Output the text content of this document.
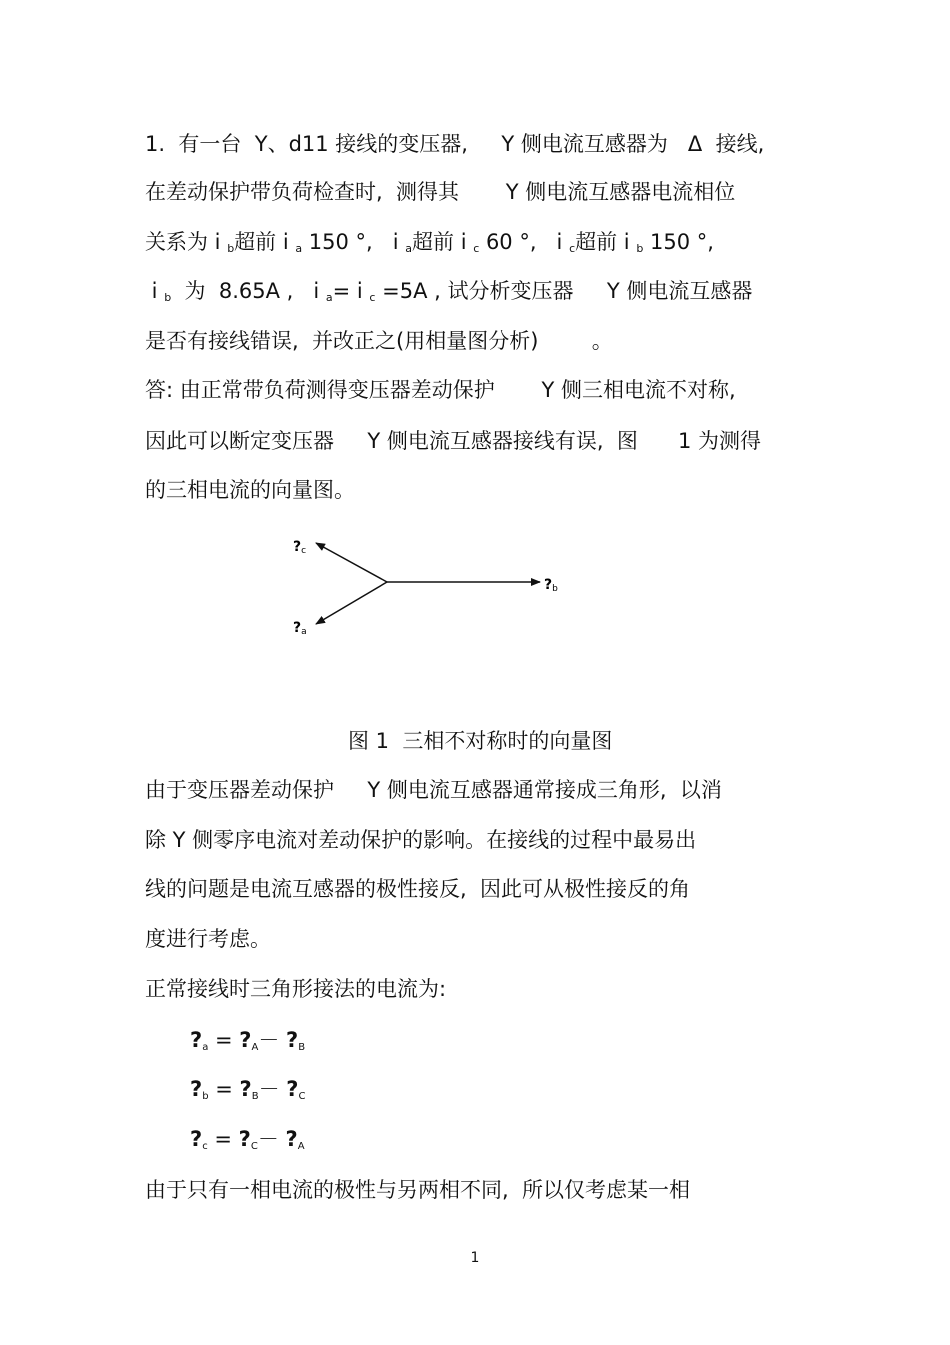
1.  有一台  Y、d11 接线的变压器,     Y 侧电流互感器为   Δ  接线,
在差动保护带负荷检查时,  测得其       Y 侧电流互感器电流相位
关系为 i $_b$超前 i $_a$ 150 °,   i $_a$超前 i $_c$ 60 °,   i $_c$超前 i $_b$ 150 °,
i $_b$  为  8.65A ,   i $_a$= i $_c$ =5A , 试分析变压器     Y 侧电流互感器
是否有接线错误,  并改正之(用相量图分析)        。
答: 由正常带负荷测得变压器差动保护       Y 侧三相电流不对称,
因此可以断定变压器     Y 侧电流互感器接线有误,  图      1 为测得
的三相电流的向量图。
?c
?b
?a
图 1  三相不对称时的向量图
由于变压器差动保护     Y 侧电流互感器通常接成三角形,  以消
除 Y 侧零序电流对差动保护的影响。在接线的过程中最易出
线的问题是电流互感器的极性接反,  因此可从极性接反的角
度进行考虑。
正常接线时三角形接法的电流为:
$?_a$ = $?_A-$ $?_B$
$?_b$ = $?_B-$ $?_C$
$?_c$ = $?_C-$ $?_A$
由于只有一相电流的极性与另两相不同,  所以仅考虑某一相
1
